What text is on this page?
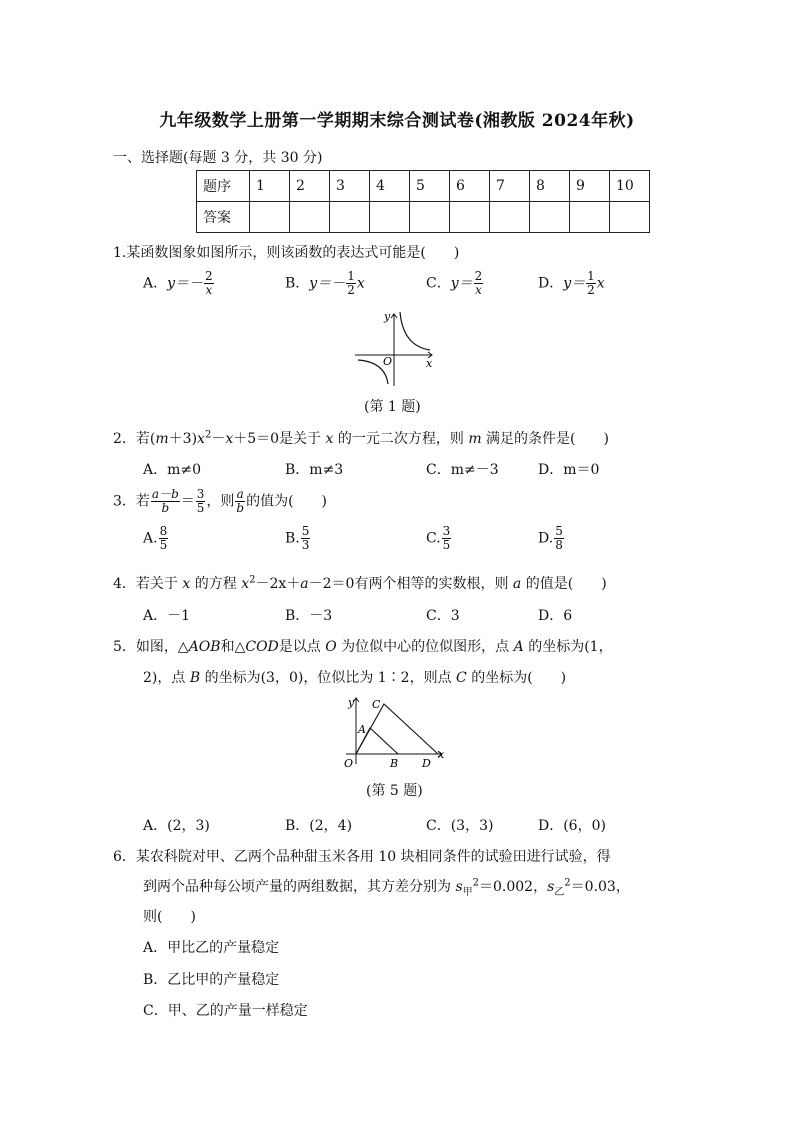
九年级数学上册第一学期期末综合测试卷(湘教版 2024年秋)
一、选择题(每题 3 分，共 30 分)
题序	1	2	3	4	5	6	7	8	9	10
答案										
1.某函数图象如图所示，则该函数的表达式可能是(　　)
A．$y=- \frac{2}{x}$	B．$y=- \frac{1}{2}$ x	C．$y= \frac{2}{x}$	D．$y= \frac{1}{2}$ x
y
x
O
(第 1 题)
2．若$(m+3)x^2-x+5=0$是关于 x 的一元二次方程，则 m 满足的条件是(　　)
A．m≠0	B．m≠3	C．m≠－3	D．m＝0
3．若 $\frac{a-b}{b} = \frac{3}{5}$ ，则 $\frac{a}{b}$ 的值为(　　)
A. $\frac{8}{5}$	B. $\frac{5}{3}$	C. $\frac{3}{5}$	D. $\frac{5}{8}$
4．若关于 x 的方程 $x^2-2x+a-2=0$有两个相等的实数根，则 a 的值是(　　)
A．－1	B．－3	C．3	D．6
5．如图，△AOB和△COD是以点 O 为位似中心的位似图形，点 A 的坐标为(1，
2)，点 B 的坐标为(3，0)，位似比为 1∶2，则点 C 的坐标为(　　)
y
x
O
A
B
C
D
(第 5 题)
A．(2，3)	B．(2，4)	C．(3，3)	D．(6，0)
6．某农科院对甲、乙两个品种甜玉米各用 10 块相同条件的试验田进行试验，得
到两个品种每公顷产量的两组数据，其方差分别为 $s_甲^2=0.002$，$s_乙^2=0.03$，
则(　　)
A．甲比乙的产量稳定
B．乙比甲的产量稳定
C．甲、乙的产量一样稳定
